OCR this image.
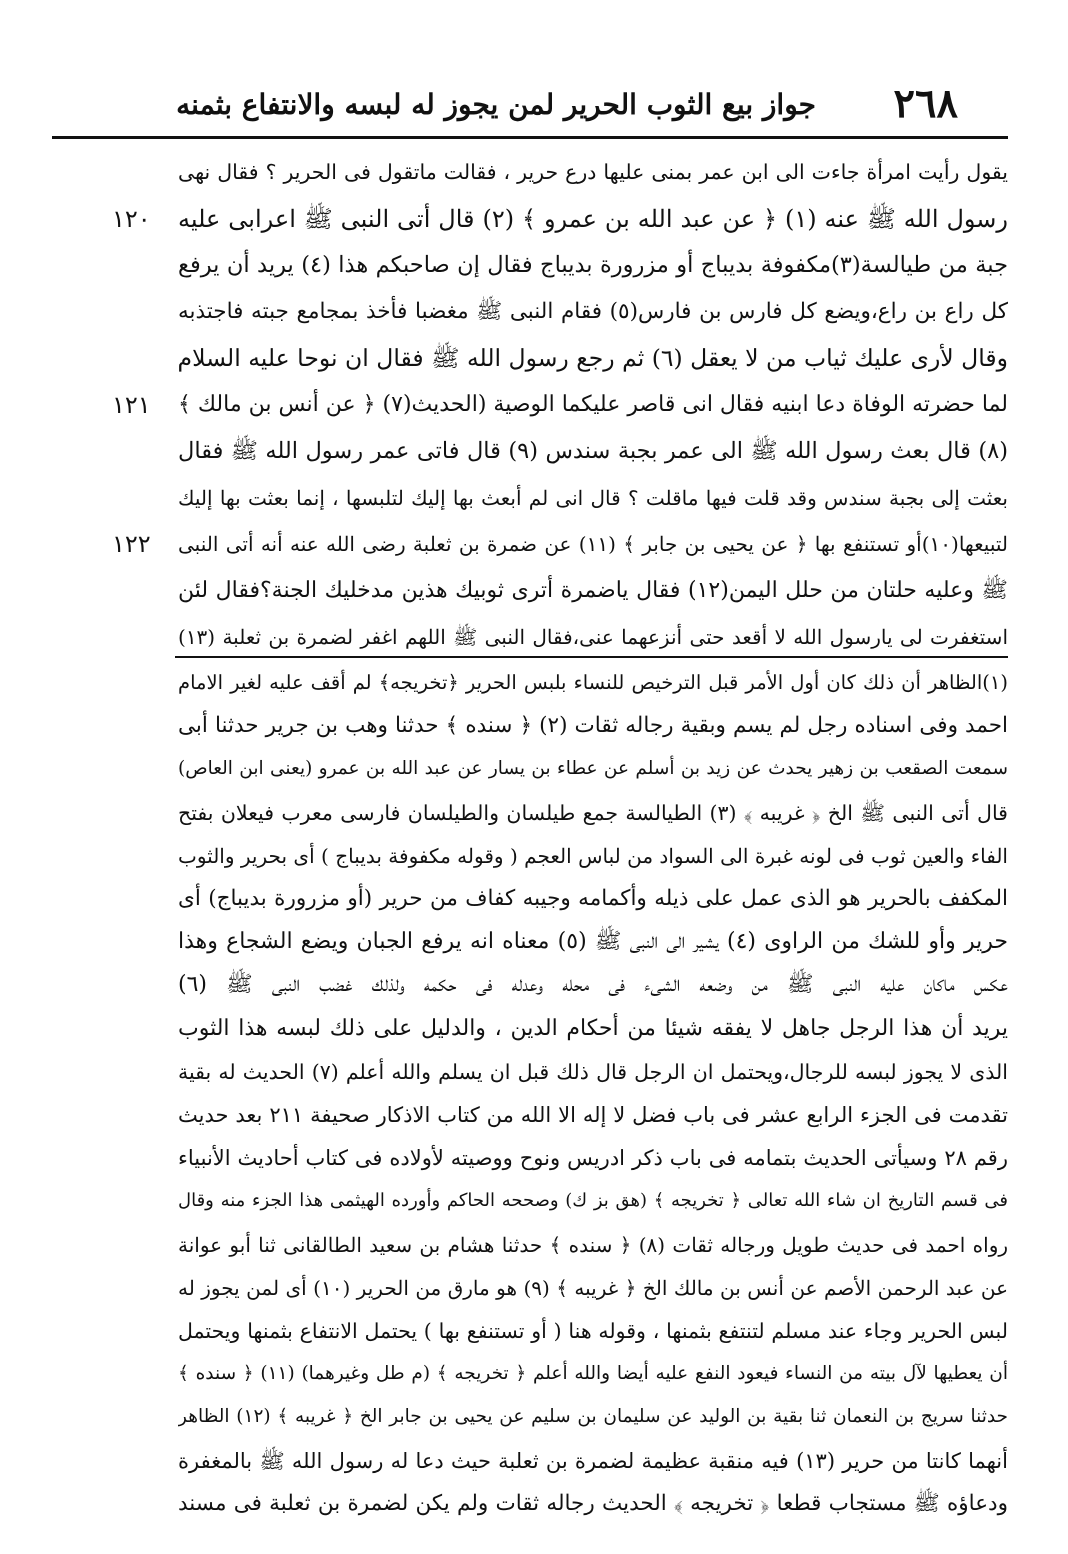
٢٦٨
جواز بيع الثوب الحرير لمن يجوز له لبسه والانتفاع بثمنه
يقول رأيت امرأة جاءت الى ابن عمر بمنى عليها درع حرير ، فقالت ماتقول فى الحرير ؟ فقال نهى
رسول الله ﷺ عنه (١) ﴿ عن عبد الله بن عمرو ﴾ (٢) قال أتى النبى ﷺ اعرابى عليه
جبة من طيالسة(٣)مكفوفة بديباج أو مزرورة بديباج فقال إن صاحبكم هذا (٤) يريد أن يرفع
كل راع بن راع،ويضع كل فارس بن فارس(٥) فقام النبى ﷺ مغضبا فأخذ بمجامع جبته فاجتذبه
وقال لأرى عليك ثياب من لا يعقل (٦) ثم رجع رسول الله ﷺ فقال ان نوحا عليه السلام
لما حضرته الوفاة دعا ابنيه فقال انى قاصر عليكما الوصية (الحديث(٧) ﴿ عن أنس بن مالك ﴾
(٨) قال بعث رسول الله ﷺ الى عمر بجبة سندس (٩) قال فاتى عمر رسول الله ﷺ فقال
بعثت إلى بجبة سندس وقد قلت فيها ماقلت ؟ قال انى لم أبعث بها إليك لتلبسها ، إنما بعثت بها إليك
لتبيعها(١٠)أو تستنفع بها ﴿ عن يحيى بن جابر ﴾ (١١) عن ضمرة بن ثعلبة رضى الله عنه أنه أتى النبى
ﷺ وعليه حلتان من حلل اليمن(١٢) فقال ياضمرة أترى ثوبيك هذين مدخليك الجنة؟فقال لئن
استغفرت لى يارسول الله لا أقعد حتى أنزعهما عنى،فقال النبى ﷺ اللهم اغفر لضمرة بن ثعلبة (١٣)
١٢٠
١٢١
١٢٢
(١)الظاهر أن ذلك كان أول الأمر قبل الترخيص للنساء بلبس الحرير ﴿تخريجه﴾ لم أقف عليه لغير الامام
احمد وفى اسناده رجل لم يسم وبقية رجاله ثقات (٢) ﴿ سنده ﴾ حدثنا وهب بن جرير حدثنا أبى
سمعت الصقعب بن زهير يحدث عن زيد بن أسلم عن عطاء بن يسار عن عبد الله بن عمرو (يعنى ابن العاص)
قال أتى النبى ﷺ الخ ﴿ غريبه ﴾ (٣) الطيالسة جمع طيلسان والطيلسان فارسى معرب فيعلان بفتح
الفاء والعين ثوب فى لونه غبرة الى السواد من لباس العجم ( وقوله مكفوفة بديباج ) أى بحرير والثوب
المكفف بالحرير هو الذى عمل على ذيله وأكمامه وجيبه كفاف من حرير (أو مزرورة بديباج) أى
حرير وأو للشك من الراوى (٤) يشير الى النبى ﷺ (٥) معناه انه يرفع الجبان ويضع الشجاع وهذا
عكس ماكان عليه النبى ﷺ من وضعه الشىء فى محله وعدله فى حكمه ولذلك غضب النبى ﷺ (٦)
يريد أن هذا الرجل جاهل لا يفقه شيئا من أحكام الدين ، والدليل على ذلك لبسه هذا الثوب
الذى لا يجوز لبسه للرجال،ويحتمل ان الرجل قال ذلك قبل ان يسلم والله أعلم (٧) الحديث له بقية
تقدمت فى الجزء الرابع عشر فى باب فضل لا إله الا الله من كتاب الاذكار صحيفة ٢١١ بعد حديث
رقم ٢٨ وسيأتى الحديث بتمامه فى باب ذكر ادريس ونوح ووصيته لأولاده فى كتاب أحاديث الأنبياء
فى قسم التاريخ ان شاء الله تعالى ﴿ تخريجه ﴾ (هق بز ك) وصححه الحاكم وأورده الهيثمى هذا الجزء منه وقال
رواه احمد فى حديث طويل ورجاله ثقات (٨) ﴿ سنده ﴾ حدثنا هشام بن سعيد الطالقانى ثنا أبو عوانة
عن عبد الرحمن الأصم عن أنس بن مالك الخ ﴿ غريبه ﴾ (٩) هو مارق من الحرير (١٠) أى لمن يجوز له
لبس الحرير وجاء عند مسلم لتنتفع بثمنها ، وقوله هنا ( أو تستنفع بها ) يحتمل الانتفاع بثمنها ويحتمل
أن يعطيها لآل بيته من النساء فيعود النفع عليه أيضا والله أعلم ﴿ تخريجه ﴾ (م طل وغيرهما) (١١) ﴿ سنده ﴾
حدثنا سريج بن النعمان ثنا بقية بن الوليد عن سليمان بن سليم عن يحيى بن جابر الخ ﴿ غريبه ﴾ (١٢) الظاهر
أنهما كانتا من حرير (١٣) فيه منقبة عظيمة لضمرة بن ثعلبة حيث دعا له رسول الله ﷺ بالمغفرة
ودعاؤه ﷺ مستجاب قطعا ﴿ تخريجه ﴾ الحديث رجاله ثقات ولم يكن لضمرة بن ثعلبة فى مسند
